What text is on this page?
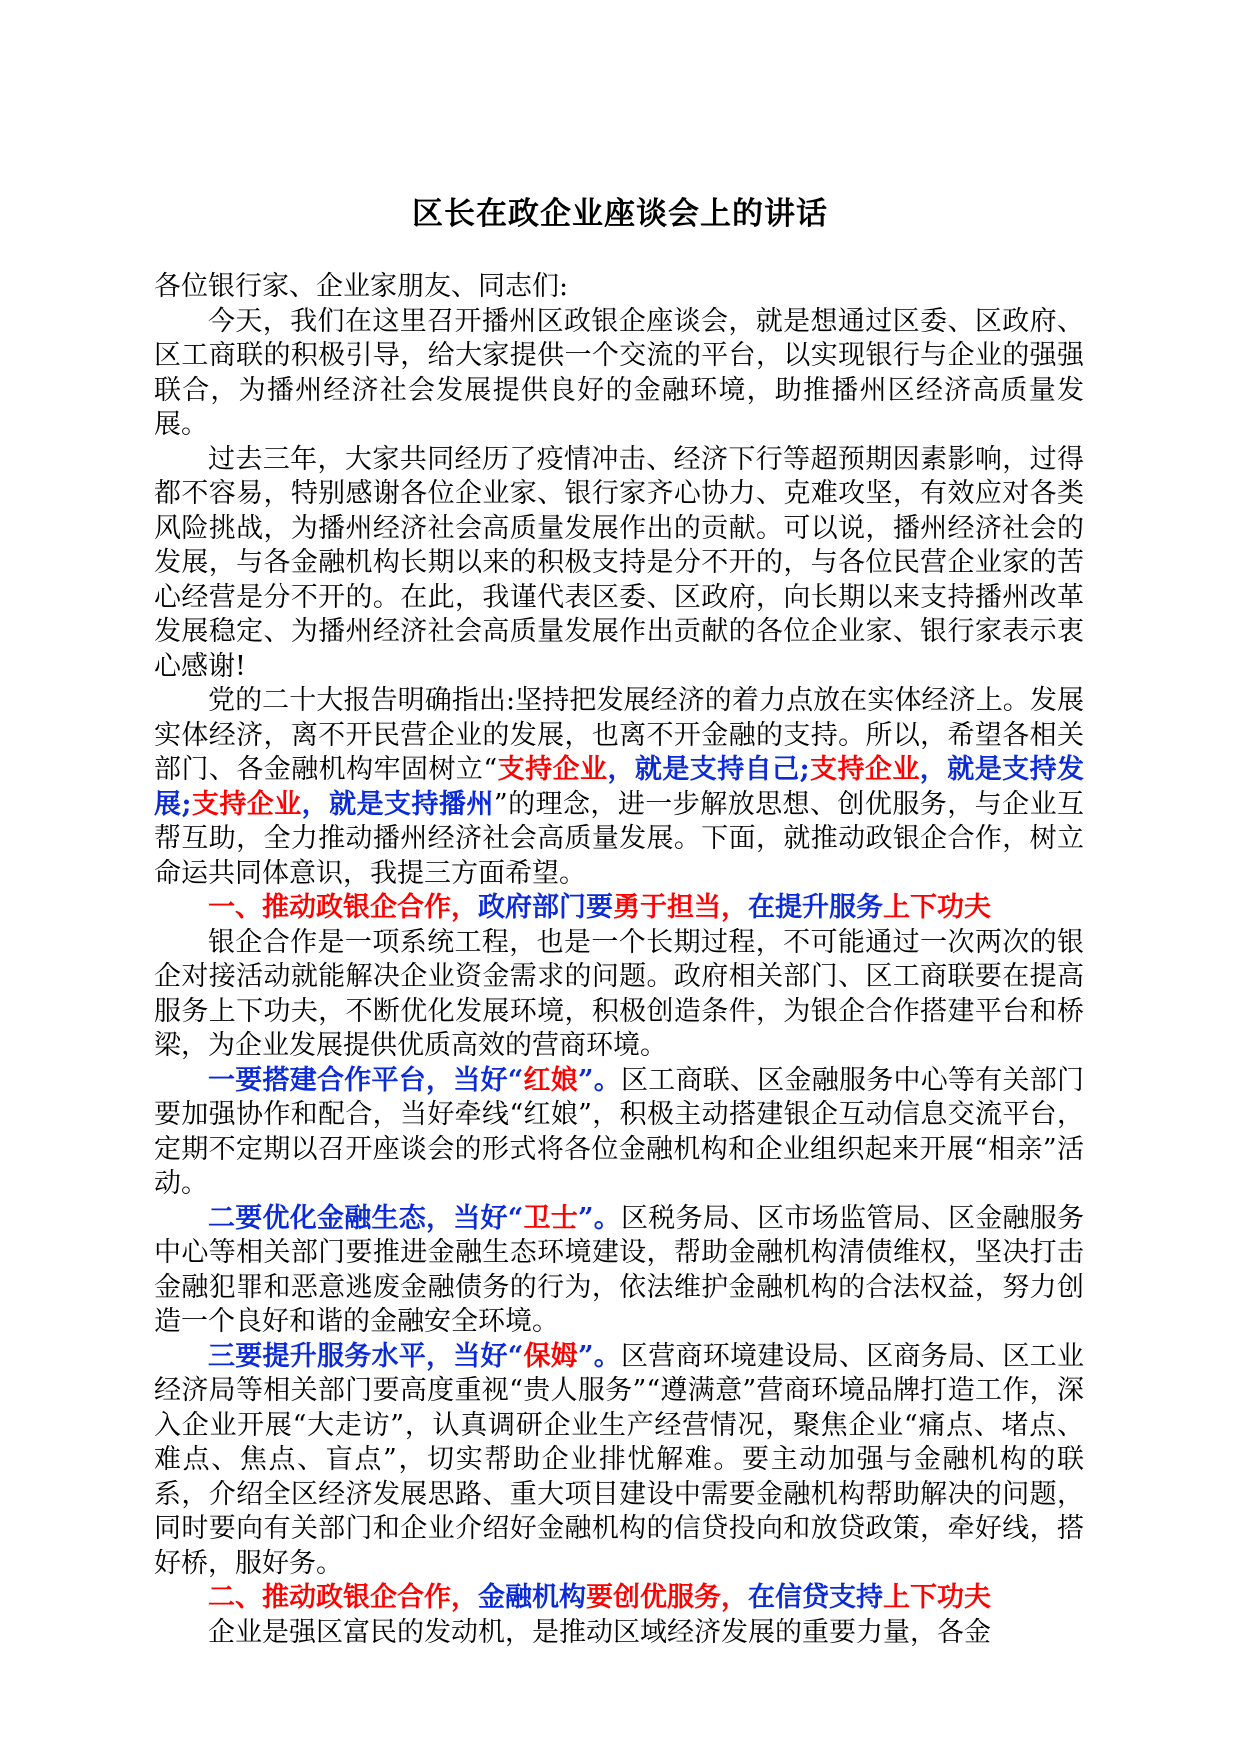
区长在政企业座谈会上的讲话

各位银行家、企业家朋友、同志们:

今天，我们在这里召开播州区政银企座谈会，就是想通过区委、区政府、区工商联的积极引导，给大家提供一个交流的平台，以实现银行与企业的强强联合，为播州经济社会发展提供良好的金融环境，助推播州区经济高质量发展。

过去三年，大家共同经历了疫情冲击、经济下行等超预期因素影响，过得都不容易，特别感谢各位企业家、银行家齐心协力、克难攻坚，有效应对各类风险挑战，为播州经济社会高质量发展作出的贡献。可以说，播州经济社会的发展，与各金融机构长期以来的积极支持是分不开的，与各位民营企业家的苦心经营是分不开的。在此，我谨代表区委、区政府，向长期以来支持播州改革发展稳定、为播州经济社会高质量发展作出贡献的各位企业家、银行家表示衷心感谢!

党的二十大报告明确指出:坚持把发展经济的着力点放在实体经济上。发展实体经济，离不开民营企业的发展，也离不开金融的支持。所以，希望各相关部门、各金融机构牢固树立“支持企业，就是支持自己;支持企业，就是支持发展;支持企业，就是支持播州”的理念，进一步解放思想、创优服务，与企业互帮互助，全力推动播州经济社会高质量发展。下面，就推动政银企合作，树立命运共同体意识，我提三方面希望。

一、推动政银企合作，政府部门要勇于担当，在提升服务上下功夫

银企合作是一项系统工程，也是一个长期过程，不可能通过一次两次的银企对接活动就能解决企业资金需求的问题。政府相关部门、区工商联要在提高服务上下功夫，不断优化发展环境，积极创造条件，为银企合作搭建平台和桥梁，为企业发展提供优质高效的营商环境。

一要搭建合作平台，当好“红娘”。区工商联、区金融服务中心等有关部门要加强协作和配合，当好牵线“红娘”，积极主动搭建银企互动信息交流平台，定期不定期以召开座谈会的形式将各位金融机构和企业组织起来开展“相亲”活动。

二要优化金融生态，当好“卫士”。区税务局、区市场监管局、区金融服务中心等相关部门要推进金融生态环境建设，帮助金融机构清债维权，坚决打击金融犯罪和恶意逃废金融债务的行为，依法维护金融机构的合法权益，努力创造一个良好和谐的金融安全环境。

三要提升服务水平，当好“保姆”。区营商环境建设局、区商务局、区工业经济局等相关部门要高度重视“贵人服务”“遵满意”营商环境品牌打造工作，深入企业开展“大走访”，认真调研企业生产经营情况，聚焦企业“痛点、堵点、难点、焦点、盲点”，切实帮助企业排忧解难。要主动加强与金融机构的联系，介绍全区经济发展思路、重大项目建设中需要金融机构帮助解决的问题，同时要向有关部门和企业介绍好金融机构的信贷投向和放贷政策，牵好线，搭好桥，服好务。

二、推动政银企合作，金融机构要创优服务，在信贷支持上下功夫

企业是强区富民的发动机，是推动区域经济发展的重要力量，各金
